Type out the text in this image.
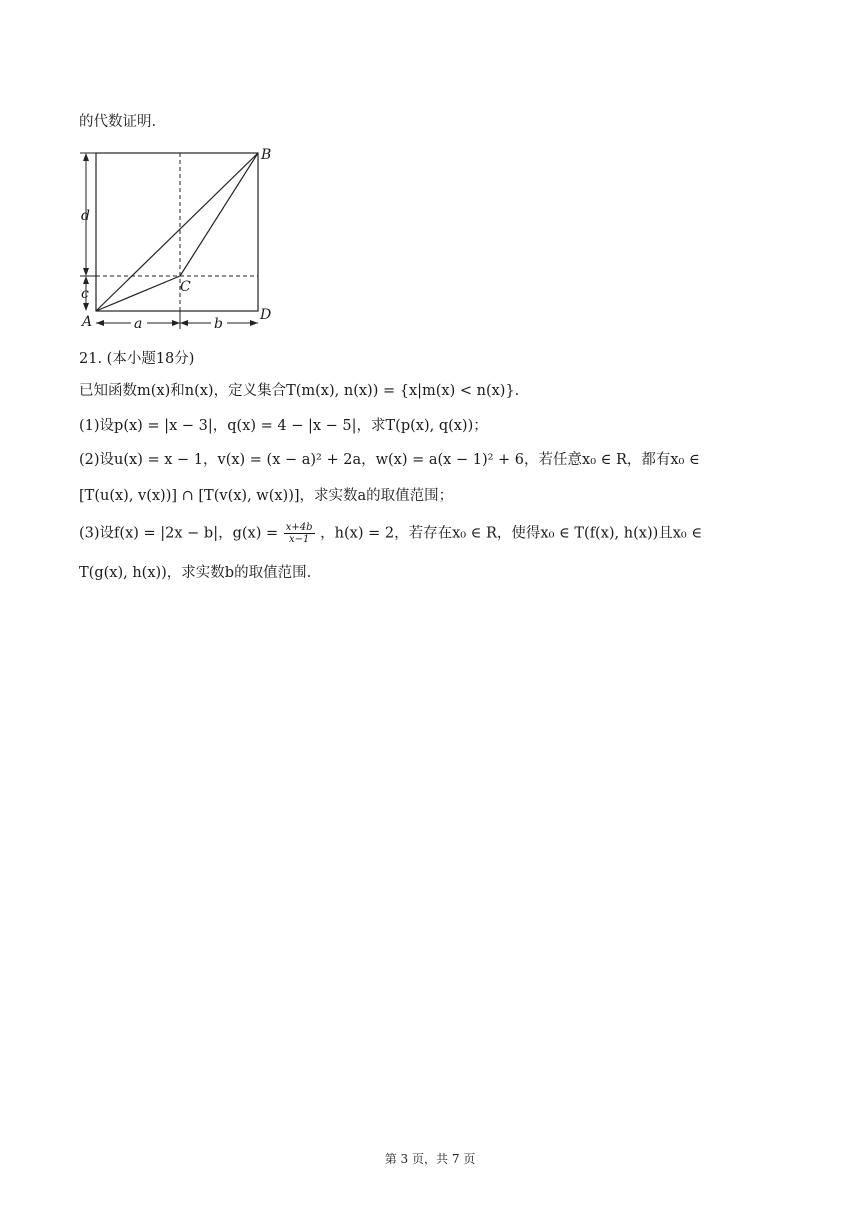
的代数证明.
B
C
A	D
d
c
a	b
21. (本小题18分)
已知函数m(x)和n(x)，定义集合T(m(x), n(x)) = {x|m(x) < n(x)}.
(1)设p(x) = |x − 3|，q(x) = 4 − |x − 5|，求T(p(x), q(x))；
(2)设u(x) = x − 1，v(x) = (x − a)² + 2a，w(x) = a(x − 1)² + 6，若任意x₀ ∈ R，都有x₀ ∈
[T(u(x), v(x))] ∩ [T(v(x), w(x))]，求实数a的取值范围；
(3)设f(x) = |2x − b|，$g(x) = \frac{x+4b}{x-1}$ ，h(x) = 2，若存在x₀ ∈ R，使得x₀ ∈ T(f(x), h(x))且x₀ ∈
T(g(x), h(x))，求实数b的取值范围.
第 3 页，共 7 页
